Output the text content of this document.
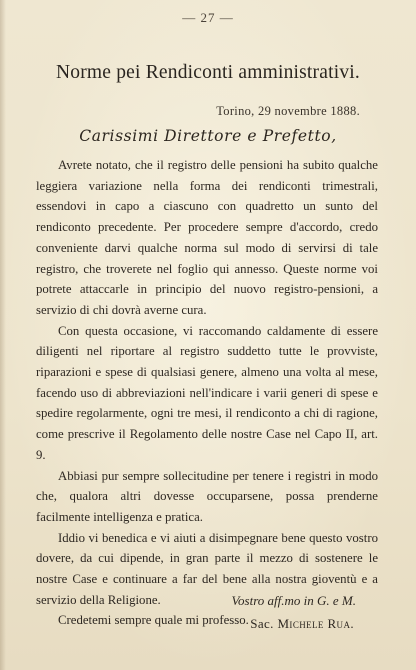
— 27 —
Norme pei Rendiconti amministrativi.
Torino, 29 novembre 1888.
Carissimi Direttore e Prefetto,

Avrete notato, che il registro delle pensioni ha subito qualche leggiera variazione nella forma dei rendiconti trimestrali, essendovi in capo a ciascuno con quadretto un sunto del rendiconto precedente. Per procedere sempre d'accordo, credo conveniente darvi qualche norma sul modo di servirsi di tale registro, che troverete nel foglio qui annesso. Queste norme voi potrete attaccarle in principio del nuovo registro-pensioni, a servizio di chi dovrà averne cura.

Con questa occasione, vi raccomando caldamente di essere diligenti nel riportare al registro suddetto tutte le provviste, riparazioni e spese di qualsiasi genere, almeno una volta al mese, facendo uso di abbreviazioni nell'indicare i varii generi di spese e spedire regolarmente, ogni tre mesi, il rendiconto a chi di ragione, come prescrive il Regolamento delle nostre Case nel Capo II, art. 9.

Abbiasi pur sempre sollecitudine per tenere i registri in modo che, qualora altri dovesse occuparsene, possa prenderne facilmente intelligenza e pratica.

Iddio vi benedica e vi aiuti a disimpegnare bene questo vostro dovere, da cui dipende, in gran parte il mezzo di sostenere le nostre Case e continuare a far del bene alla nostra gioventù e a servizio della Religione.

Credetemi sempre quale mi professo.

Vostro aff.mo in G. e M.
Sac. Michele Rua.
